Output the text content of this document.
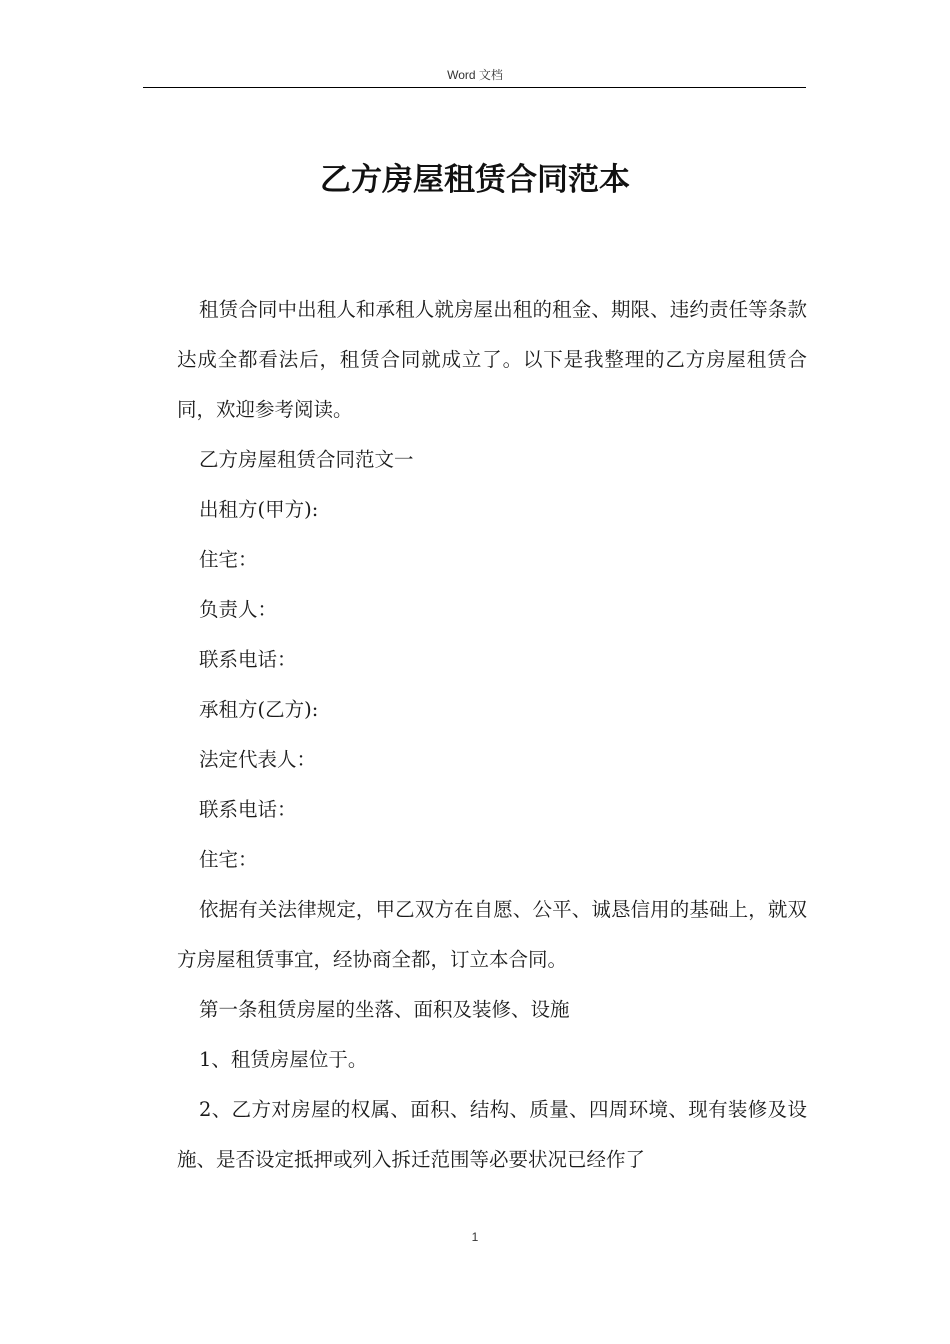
Word 文档
乙方房屋租赁合同范本

租赁合同中出租人和承租人就房屋出租的租金、期限、违约责任等条款达成全都看法后，租赁合同就成立了。以下是我整理的乙方房屋租赁合同，欢迎参考阅读。

乙方房屋租赁合同范文一

出租方(甲方):

住宅：

负责人：

联系电话：

承租方(乙方):

法定代表人：

联系电话：

住宅：

依据有关法律规定，甲乙双方在自愿、公平、诚恳信用的基础上，就双方房屋租赁事宜，经协商全都，订立本合同。

第一条租赁房屋的坐落、面积及装修、设施

1、租赁房屋位于。

2、乙方对房屋的权属、面积、结构、质量、四周环境、现有装修及设施、是否设定抵押或列入拆迁范围等必要状况已经作了

1
